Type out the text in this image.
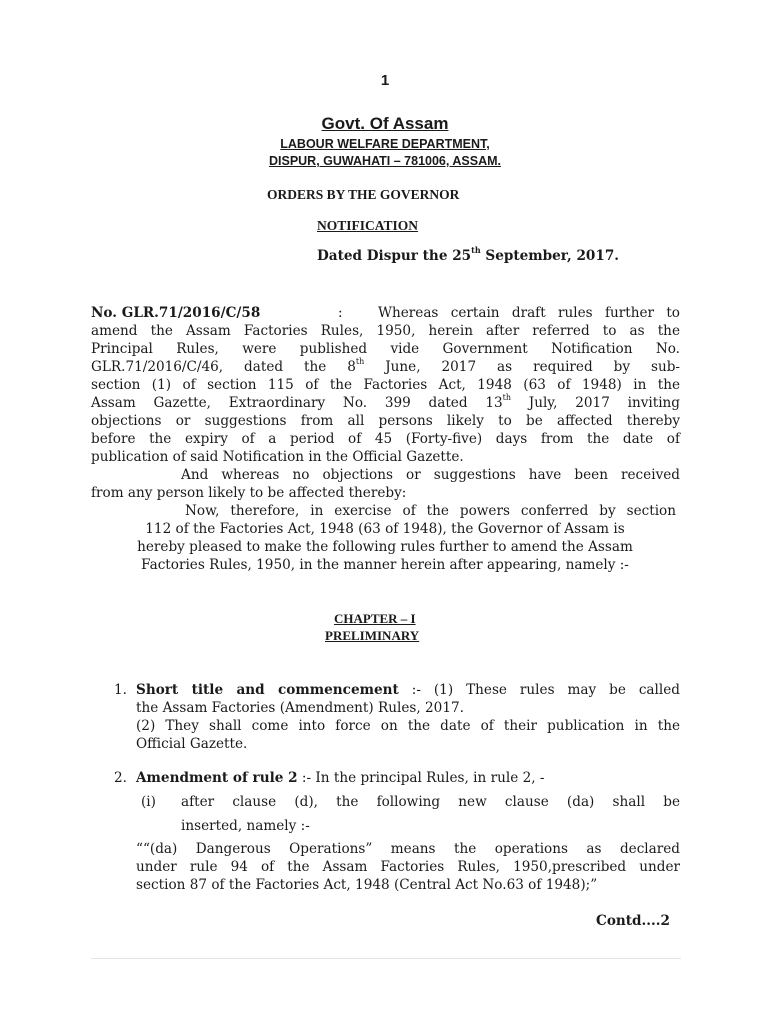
1
Govt. Of Assam
LABOUR WELFARE DEPARTMENT,
DISPUR, GUWAHATI – 781006, ASSAM.
ORDERS BY THE GOVERNOR
NOTIFICATION
Dated Dispur the 25th September, 2017.
No. GLR.71/2016/C/58	:	Whereas certain draft rules further to
amend the Assam Factories Rules, 1950, herein after referred to as the
Principal Rules, were published vide Government Notification No.
GLR.71/2016/C/46, dated the 8th June, 2017 as required by sub-
section (1) of section 115 of the Factories Act, 1948 (63 of 1948) in the
Assam Gazette, Extraordinary No. 399 dated 13th July, 2017 inviting
objections or suggestions from all persons likely to be affected thereby
before the expiry of a period of 45 (Forty-five) days from the date of
publication of said Notification in the Official Gazette.
And whereas no objections or suggestions have been received
from any person likely to be affected thereby:
Now, therefore, in exercise of the powers conferred by section
112 of the Factories Act, 1948 (63 of 1948), the Governor of Assam is
hereby pleased to make the following rules further to amend the Assam
Factories Rules, 1950, in the manner herein after appearing, namely :-
CHAPTER – I
PRELIMINARY
1. Short title and commencement :- (1) These rules may be called
the Assam Factories (Amendment) Rules, 2017.
(2) They shall come into force on the date of their publication in the
Official Gazette.
2. Amendment of rule 2 :- In the principal Rules, in rule 2, -
(i) after clause (d), the following new clause (da) shall be
inserted, namely :-
““(da) Dangerous Operations” means the operations as declared
under rule 94 of the Assam Factories Rules, 1950,prescribed under
section 87 of the Factories Act, 1948 (Central Act No.63 of 1948);”
Contd....2
